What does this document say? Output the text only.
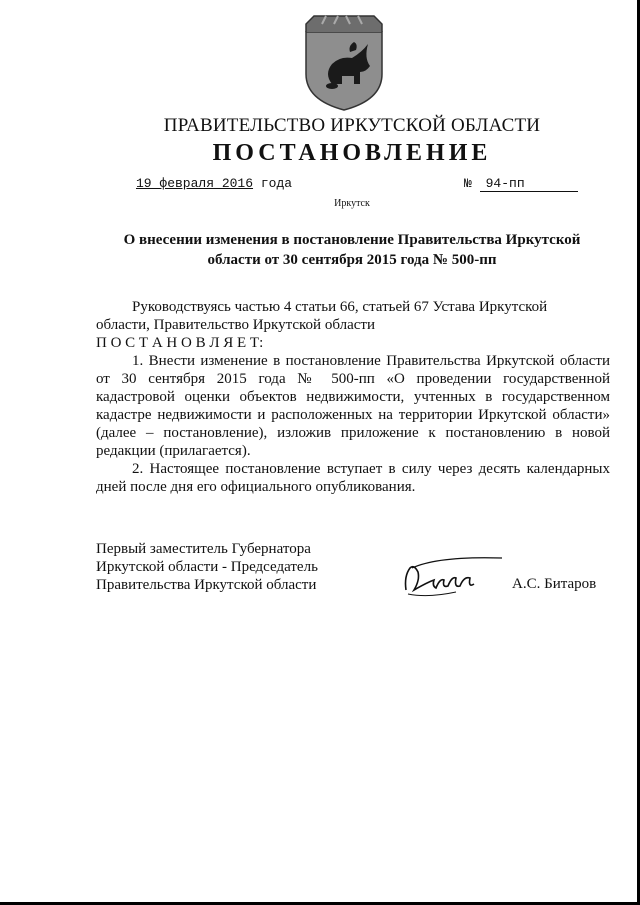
ПРАВИТЕЛЬСТВО ИРКУТСКОЙ ОБЛАСТИ
ПОСТАНОВЛЕНИЕ
19 февраля 2016 года	№ 94-пп
Иркутск
О внесении изменения в постановление Правительства Иркутской
области от 30 сентября 2015 года № 500-пп

Руководствуясь частью 4 статьи 66, статьей 67 Устава Иркутской

области, Правительство Иркутской области

П О С Т А Н О В Л Я Е Т:

1. Внести изменение в постановление Правительства Иркутской области от 30 сентября 2015 года № 500-пп «О проведении государственной кадастровой оценки объектов недвижимости, учтенных в государственном кадастре недвижимости и расположенных на территории Иркутской области» (далее – постановление), изложив приложение к постановлению в новой редакции (прилагается).

2. Настоящее постановление вступает в силу через десять календарных дней после дня его официального опубликования.

Первый заместитель Губернатора
Иркутской области - Председатель
Правительства Иркутской области	А.С. Битаров
